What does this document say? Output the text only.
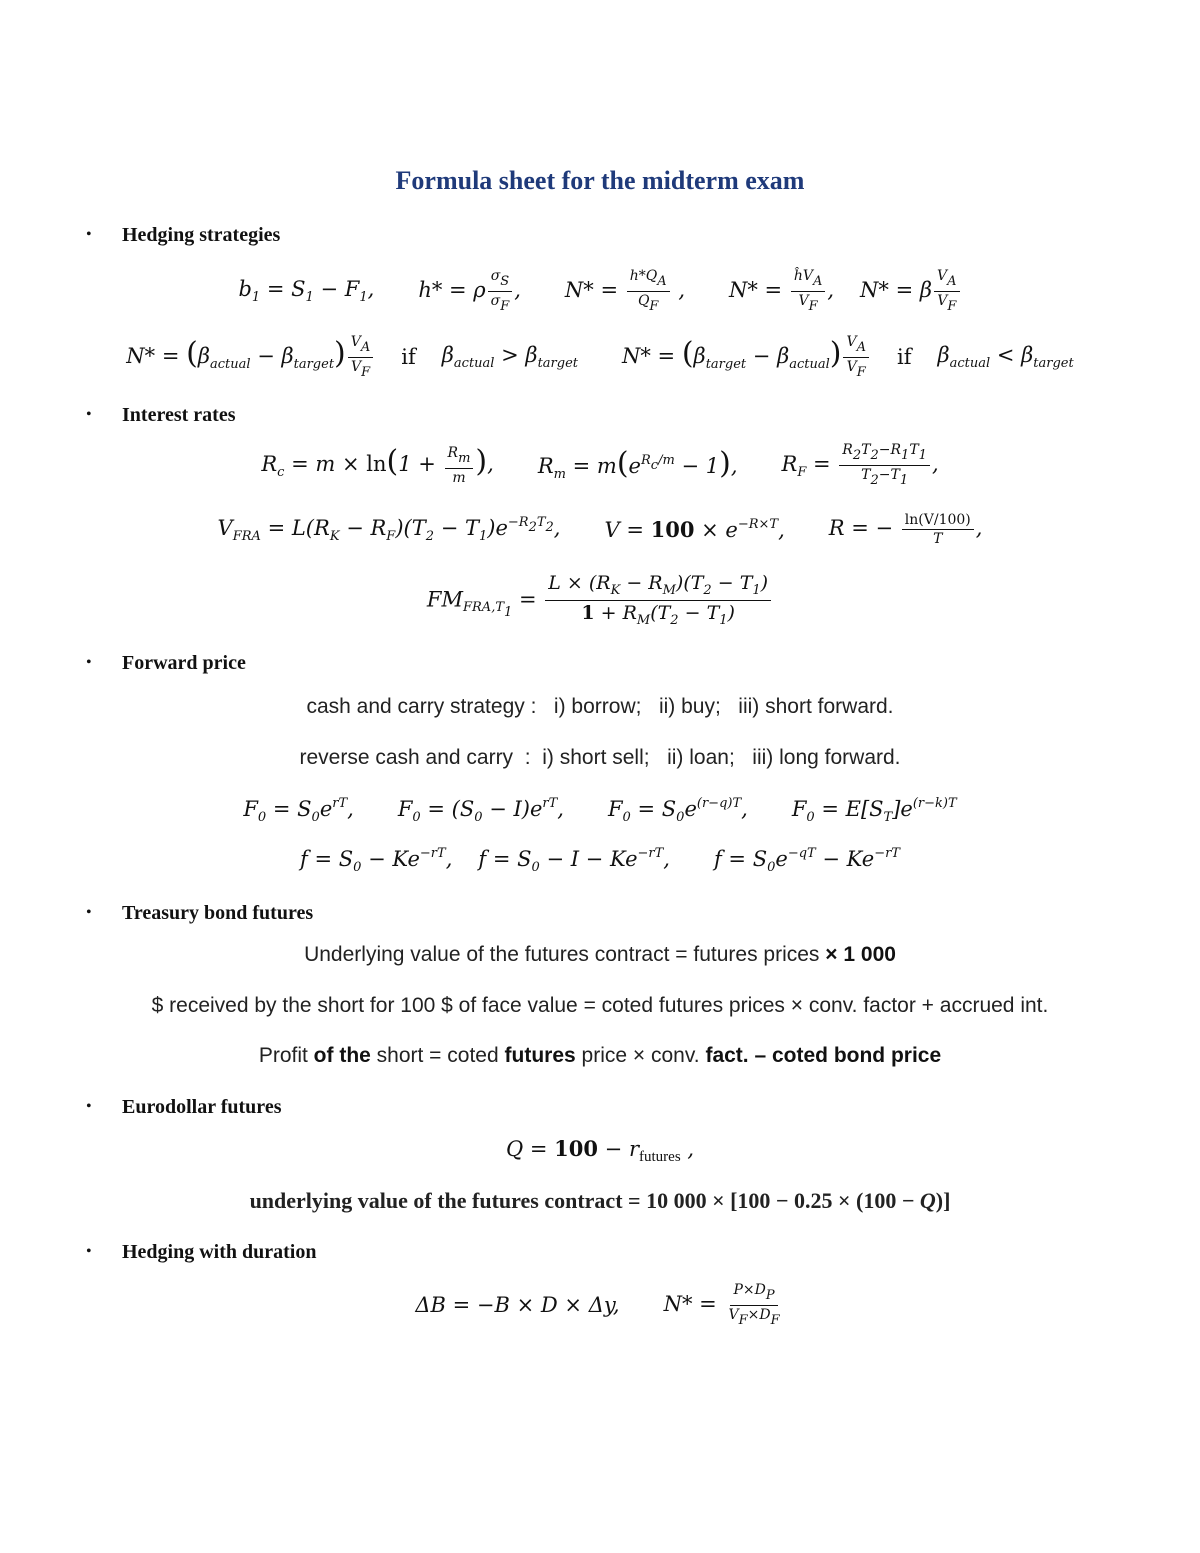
Formula sheet for the midterm exam
• Hedging strategies
$b_1 = S_1 - F_1$, h* = ρ $\frac{\sigma_S}{\sigma_F}$ , $N* = \frac{h*Q_A}{Q_F}$ , $N* = \frac{ĥV_A}{V_F}$ , N* = β $\frac{V_A}{V_F}$
$N* = (\beta_{actual} - \beta_{target}) \frac{V_A}{V_F}$ if $\beta_{actual} > \beta_{target}$ $N* = (\beta_{target} - \beta_{actual}) \frac{V_A}{V_F}$ if $\beta_{actual} < \beta_{target}$
• Interest rates
$R_c = m \times \ln(1 + \frac{R_m}{m}$ ), $R_m = m(e^{R_c/m} - 1)$, $R_F = \frac{R_2T_2-R_1T_1}{T_2-T_1}$ ,
$V_{FRA} = L(R_K - R_F)(T_2 - T_1)e^{-R_2T_2}$, $V = 100 \times e^{-R\times T}$, R = − $\frac{\ln(V/100)}{T}$ ,
$FM_{FRA,T_1} = \frac{L \times (R_K - R_M)(T_2 - T_1)}{1 + R_M(T_2 - T_1)}$
• Forward price
cash and carry strategy :   i) borrow;   ii) buy;   iii) short forward.
reverse cash and carry  :  i) short sell;   ii) loan;   iii) long forward.
$F_0 = S_0e^{rT}$, $F_0 = (S_0 - I)e^{rT}$, $F_0 = S_0e^{(r-q)T}$, $F_0 = E[S_T]e^{(r-k)T}$
$f = S_0 - Ke^{-rT}$, $f = S_0 - I - Ke^{-rT}$, $f = S_0e^{-qT} - Ke^{-rT}$
• Treasury bond futures
Underlying value of the futures contract = futures prices × 1 000
$ received by the short for 100 $ of face value = coted futures prices × conv. factor + accrued int.
Profit of the short = coted futures price × conv. fact. – coted bond price
• Eurodollar futures
$Q = 100 - r_{futures}$ ,
underlying value of the futures contract = 10 000 × [100 − 0.25 × (100 − Q)]
• Hedging with duration
ΔB = −B × D × Δy, $N* = \frac{P\times D_P}{V_F\times D_F}$
